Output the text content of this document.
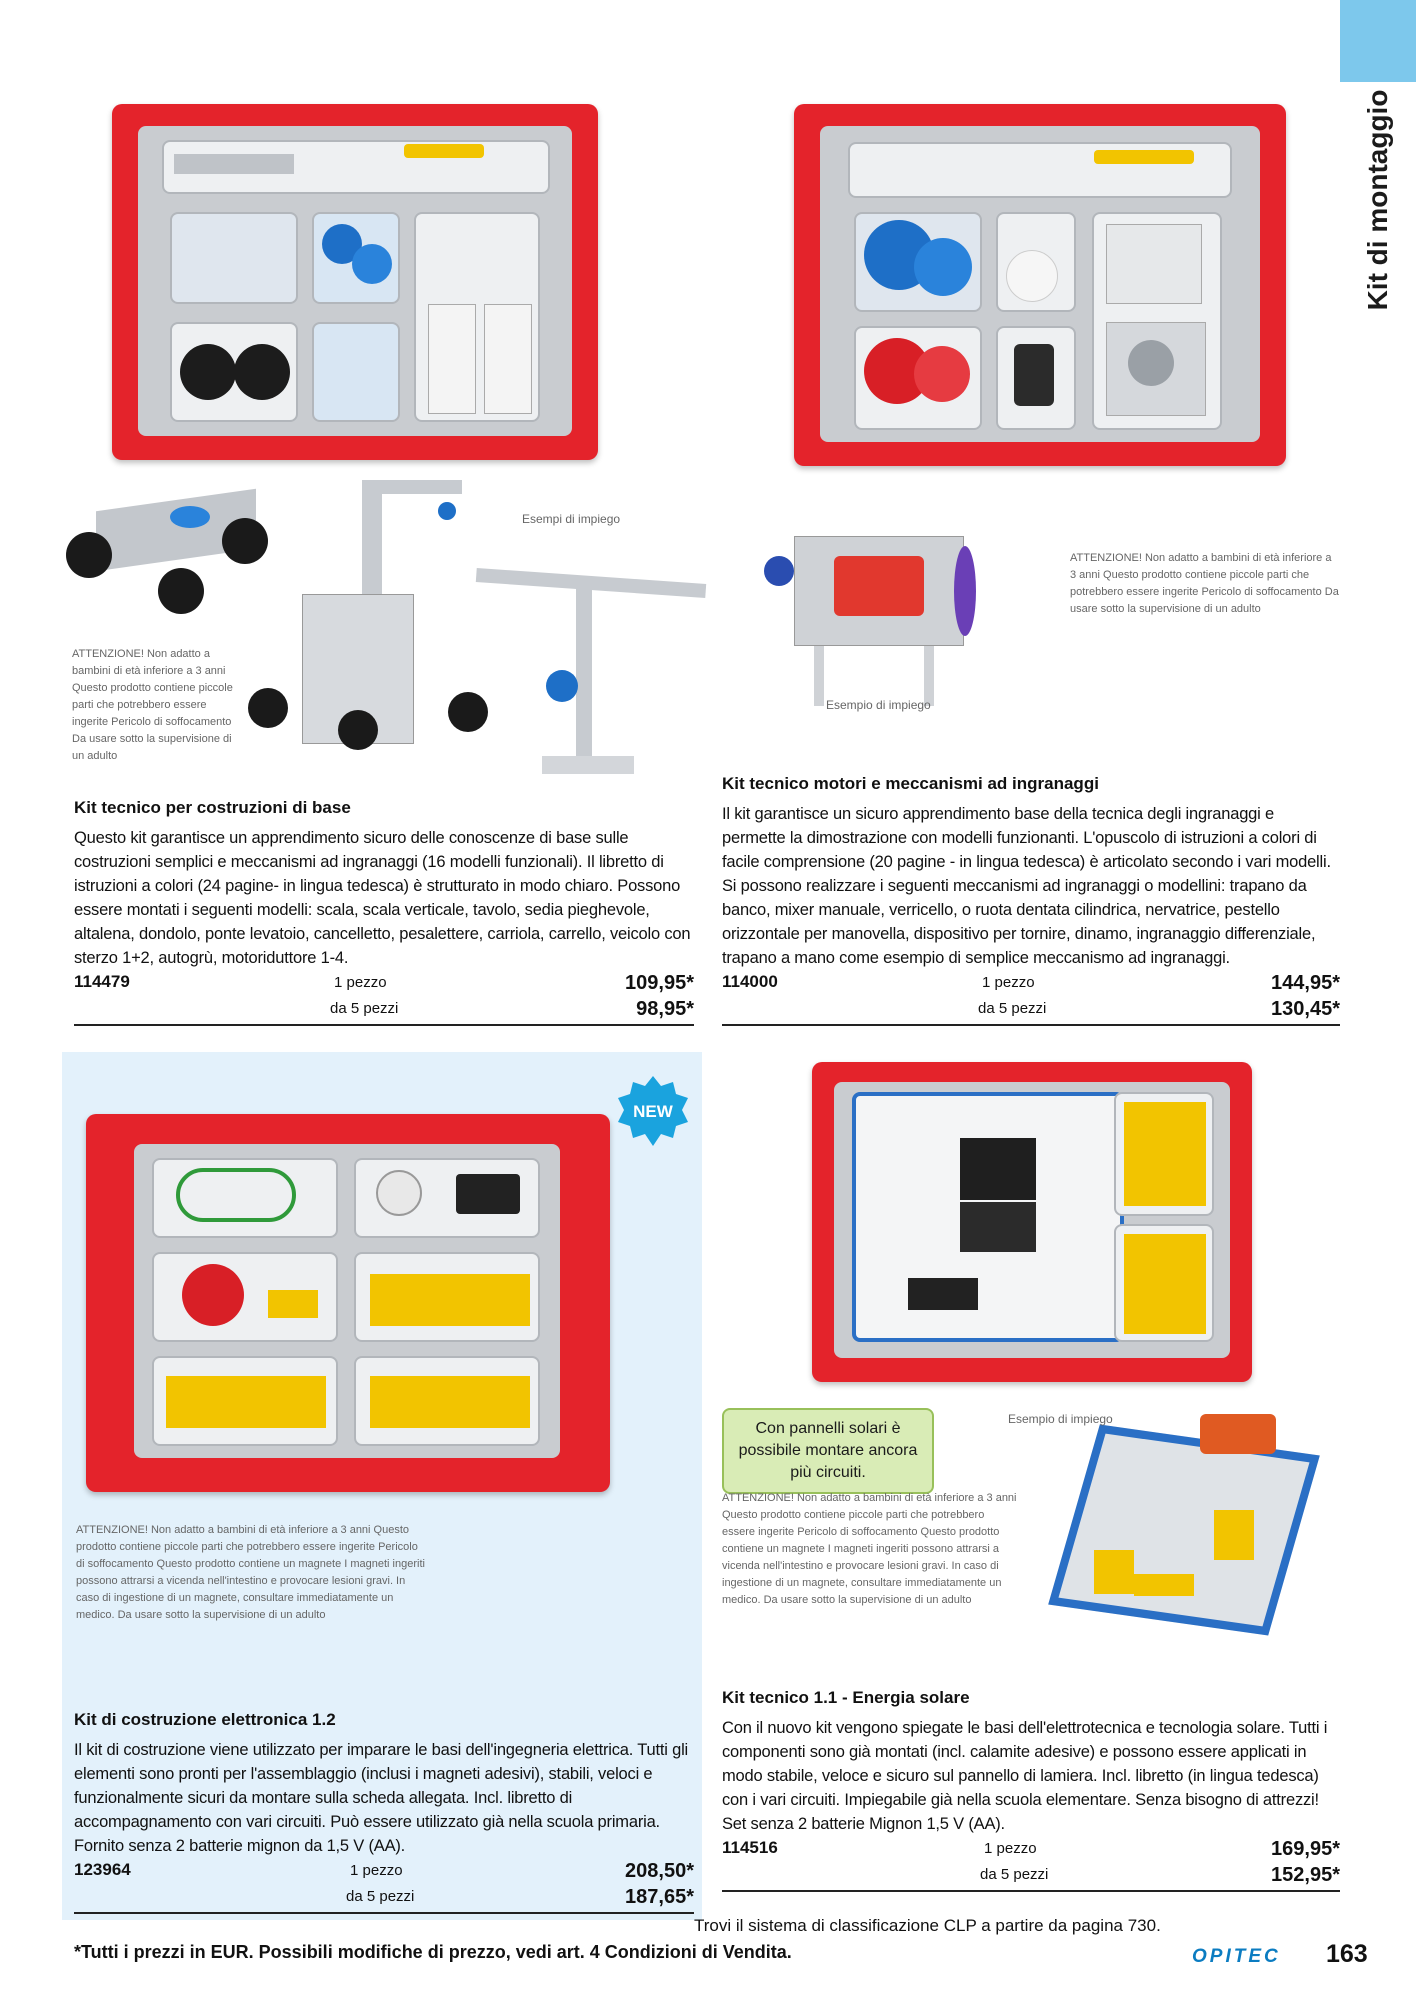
Kit di montaggio
Esempi di impiego
ATTENZIONE! Non adatto a bambini di età inferiore a 3 anni Questo prodotto contiene piccole parti che potrebbero essere ingerite Pericolo di soffocamento Da usare sotto la supervisione di un adulto
Kit tecnico per costruzioni di base
Questo kit garantisce un apprendimento sicuro delle conoscenze di base sulle costruzioni semplici e meccanismi ad ingranaggi (16 modelli funzionali). Il libretto di istruzioni a colori (24 pagine- in lingua tedesca) è strutturato in modo chiaro. Possono essere montati i seguenti modelli: scala, scala verticale, tavolo, sedia pieghevole, altalena, dondolo, ponte levatoio, cancelletto, pesalettere, carriola, carrello, veicolo con sterzo 1+2, autogrù, motoriduttore 1-4.
114479	1 pezzo	109,95*
da 5 pezzi	98,95*
Esempio di impiego
ATTENZIONE! Non adatto a bambini di età inferiore a 3 anni Questo prodotto contiene piccole parti che potrebbero essere ingerite Pericolo di soffocamento Da usare sotto la supervisione di un adulto
Kit tecnico motori e meccanismi ad ingranaggi
Il kit garantisce un sicuro apprendimento base della tecnica degli ingranaggi e permette la dimostrazione con modelli funzionanti. L'opuscolo di istruzioni a colori di facile comprensione (20 pagine - in lingua tedesca) è articolato secondo i vari modelli. Si possono realizzare i seguenti meccanismi ad ingranaggi o modellini: trapano da banco, mixer manuale, verricello, o ruota dentata cilindrica, nervatrice, pestello orizzontale per manovella, dispositivo per tornire, dinamo, ingranaggio differenziale, trapano a mano come esempio di semplice meccanismo ad ingranaggi.
114000	1 pezzo	144,95*
da 5 pezzi	130,45*
NEW
ATTENZIONE! Non adatto a bambini di età inferiore a 3 anni Questo prodotto contiene piccole parti che potrebbero essere ingerite Pericolo di soffocamento Questo prodotto contiene un magnete I magneti ingeriti possono attrarsi a vicenda nell'intestino e provocare lesioni gravi. In caso di ingestione di un magnete, consultare immediatamente un medico. Da usare sotto la supervisione di un adulto
Kit di costruzione elettronica 1.2
Il kit di costruzione viene utilizzato per imparare le basi dell'ingegneria elettrica. Tutti gli elementi sono pronti per l'assemblaggio (inclusi i magneti adesivi), stabili, veloci e funzionalmente sicuri da montare sulla scheda allegata. Incl. libretto di accompagnamento con vari circuiti. Può essere utilizzato già nella scuola primaria. Fornito senza 2 batterie mignon da 1,5 V (AA).
123964	1 pezzo	208,50*
da 5 pezzi	187,65*
Con pannelli solari è possibile montare ancora più circuiti.
Esempio di impiego
ATTENZIONE! Non adatto a bambini di età inferiore a 3 anni Questo prodotto contiene piccole parti che potrebbero essere ingerite Pericolo di soffocamento Questo prodotto contiene un magnete I magneti ingeriti possono attrarsi a vicenda nell'intestino e provocare lesioni gravi. In caso di ingestione di un magnete, consultare immediatamente un medico. Da usare sotto la supervisione di un adulto
Kit tecnico 1.1 - Energia solare
Con il nuovo kit vengono spiegate le basi dell'elettrotecnica e tecnologia solare. Tutti i componenti sono già montati (incl. calamite adesive) e possono essere applicati in modo stabile, veloce e sicuro sul pannello di lamiera. Incl. libretto (in lingua tedesca) con i vari circuiti. Impiegabile già nella scuola elementare. Senza bisogno di attrezzi! Set senza 2 batterie Mignon 1,5 V (AA).
114516	1 pezzo	169,95*
da 5 pezzi	152,95*
Trovi il sistema di classificazione CLP a partire da pagina 730.
*Tutti i prezzi in EUR. Possibili modifiche di prezzo, vedi art. 4 Condizioni di Vendita.	OPITEC 163
